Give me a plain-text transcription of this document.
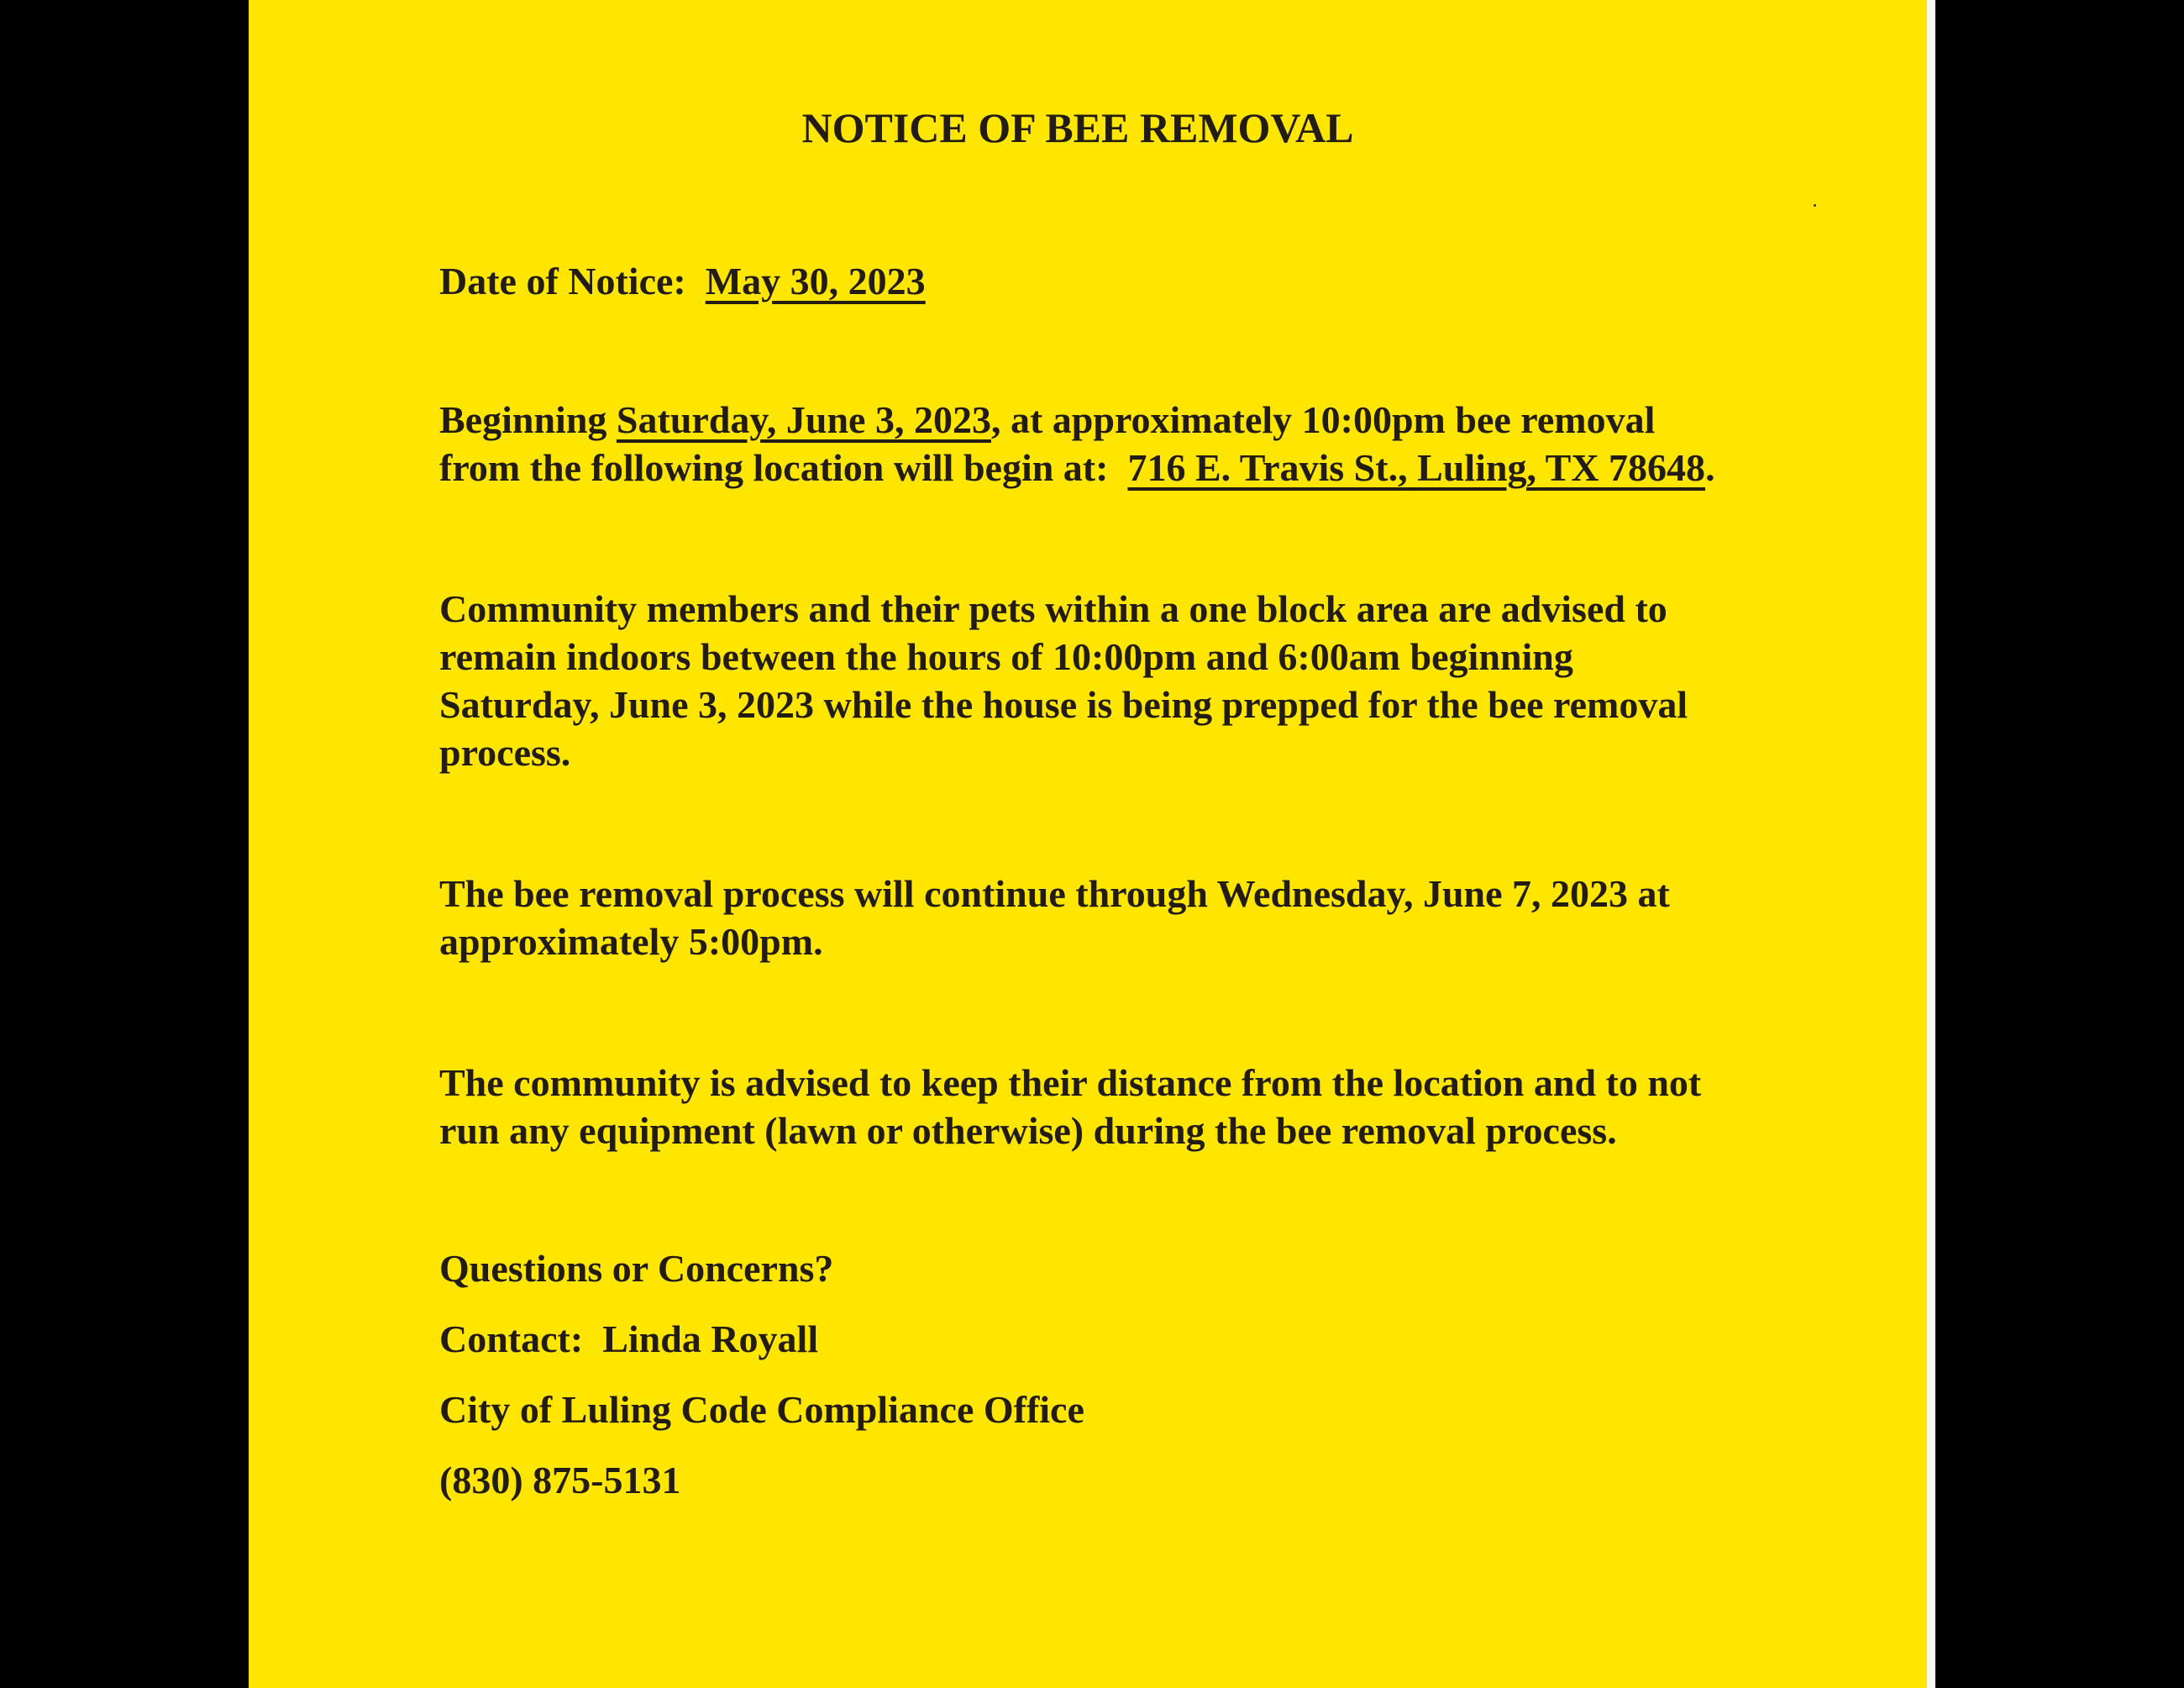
NOTICE OF BEE REMOVAL
Date of Notice: May 30, 2023
Beginning Saturday, June 3, 2023, at approximately 10:00pm bee removal
from the following location will begin at: 716 E. Travis St., Luling, TX 78648.
Community members and their pets within a one block area are advised to
remain indoors between the hours of 10:00pm and 6:00am beginning
Saturday, June 3, 2023 while the house is being prepped for the bee removal
process.
The bee removal process will continue through Wednesday, June 7, 2023 at
approximately 5:00pm.
The community is advised to keep their distance from the location and to not
run any equipment (lawn or otherwise) during the bee removal process.
Questions or Concerns?
Contact: Linda Royall
City of Luling Code Compliance Office
(830) 875-5131
